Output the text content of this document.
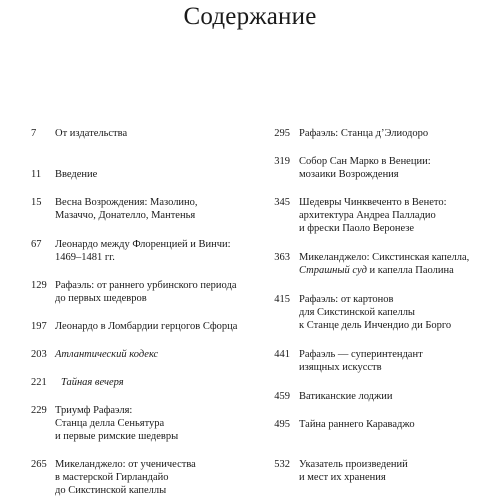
Содержание
7	От издательства
11	Введение
15	Весна Возрождения: Мазолино,
Мазаччо, Донателло, Мантенья
67	Леонардо между Флоренцией и Винчи:
1469–1481 гг.
129 Рафаэль: от раннего урбинского периода
до первых шедевров
197 Леонардо в Ломбардии герцогов Сфорца
203 Атлантический кодекс
221	Тайная вечеря
229 Триумф Рафаэля:
Станца делла Сеньятура
и первые римские шедевры
265 Микеланджело: от ученичества
в мастерской Гирландайо
до Сикстинской капеллы
295 Рафаэль: Станца д’Элиодоро
319 Собор Сан Марко в Венеции:
мозаики Возрождения
345 Шедевры Чинквеченто в Венето:
архитектура Андреа Палладио
и фрески Паоло Веронезе
363 Микеланджело: Сикстинская капелла,
Страшный суд и капелла Паолина
415 Рафаэль: от картонов
для Сикстинской капеллы
к Станце дель Инчендио ди Борго
441 Рафаэль — суперинтендант
изящных искусств
459 Ватиканские лоджии
495 Тайна раннего Караваджо
532 Указатель произведений
и мест их хранения
